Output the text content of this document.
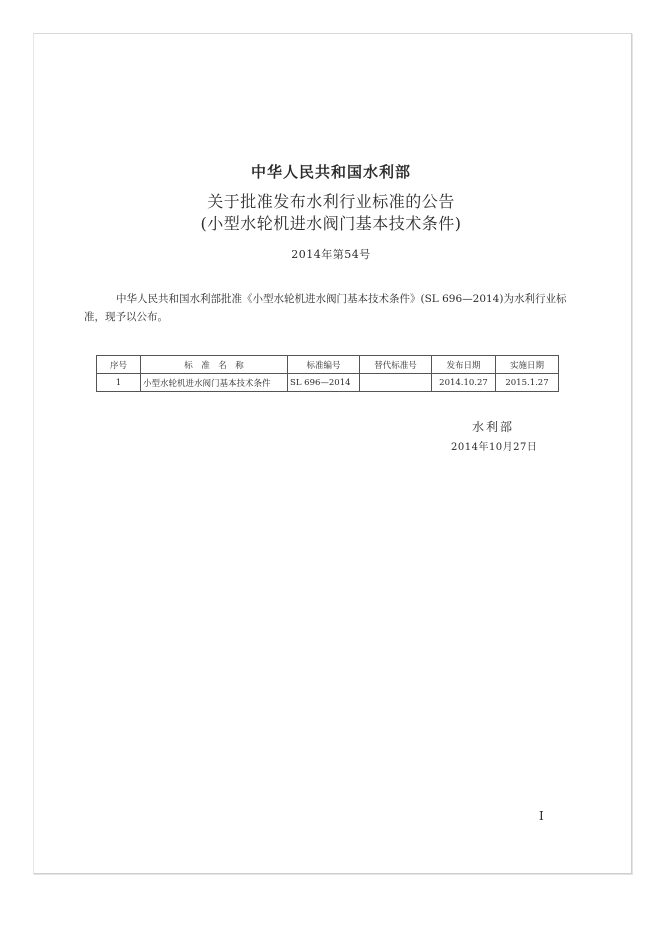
中华人民共和国水利部
关于批准发布水利行业标准的公告
(小型水轮机进水阀门基本技术条件)
2014年第54号

中华人民共和国水利部批准《小型水轮机进水阀门基本技术条件》(SL 696—2014)为水利行业标准，现予以公布。

序号	标　准　名　称	标准编号	替代标准号	发布日期	实施日期
1	小型水轮机进水阀门基本技术条件	SL 696—2014		2014.10.27	2015.1.27
水利部
2014年10月27日
I
